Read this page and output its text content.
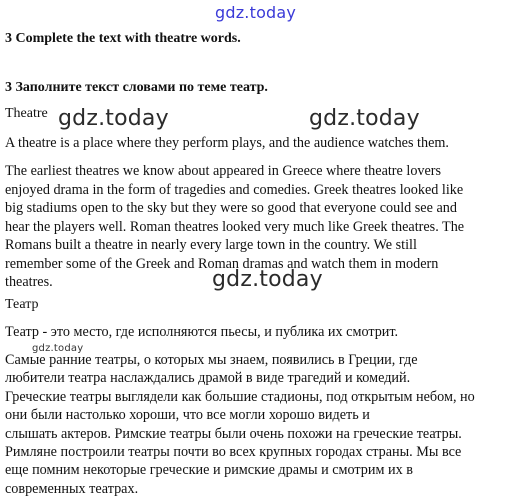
gdz.today
3 Complete the text with theatre words.
3 Заполните текст словами по теме театр.
Theatre gdz.today	gdz.today

A theatre is a place where they perform plays, and the audience watches them.

The earliest theatres we know about appeared in Greece where theatre lovers
enjoyed drama in the form of tragedies and comedies. Greek theatres looked like
big stadiums open to the sky but they were so good that everyone could see and
hear the players well. Roman theatres looked very much like Greek theatres. The
Romans built a theatre in nearly every large town in the country. We still
remember some of the Greek and Roman dramas and watch them in modern
theatres.	gdz.today
Театр

Театр - это место, где исполняются пьесы, и публика их смотрит.

gdz.today

Самые ранние театры, о которых мы знаем, появились в Греции, где
любители театра наслаждались драмой в виде трагедий и комедий.
Греческие театры выглядели как большие стадионы, под открытым небом, но
они были настолько хороши, что все могли хорошо видеть и
слышать актеров. Римские театры были очень похожи на греческие театры.
Римляне построили театры почти во всех крупных городах страны. Мы все
еще помним некоторые греческие и римские драмы и смотрим их в
современных театрах.
